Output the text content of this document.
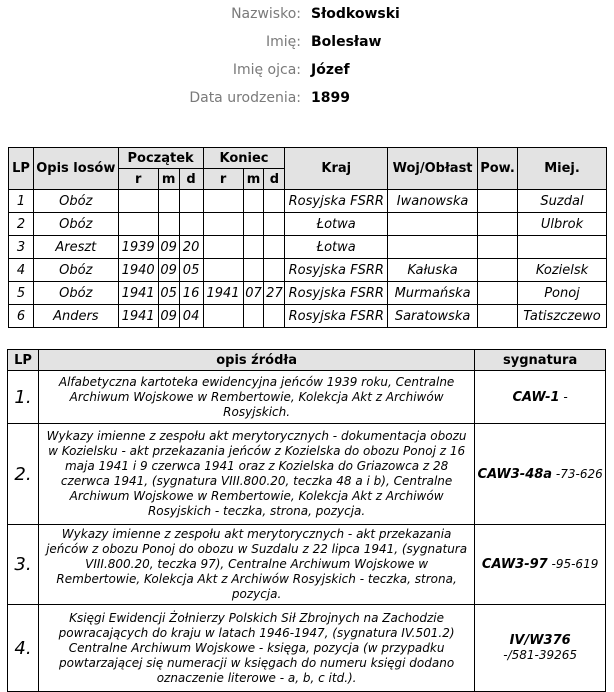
Nazwisko: Słodkowski
Imię: Bolesław
Imię ojca: Józef
Data urodzenia: 1899
LP	Opis losów	Początek			Koniec			Kraj	Woj/Obłast	Pow.	Miej.
		r	m	d	r	m	d				
1	Obóz							Rosyjska FSRR	Iwanowska		Suzdal
2	Obóz							Łotwa			Ulbrok
3	Areszt	1939	09	20				Łotwa			
4	Obóz	1940	09	05				Rosyjska FSRR	Kałuska		Kozielsk
5	Obóz	1941	05	16	1941	07	27	Rosyjska FSRR	Murmańska		Ponoj
6	Anders	1941	09	04				Rosyjska FSRR	Saratowska		Tatiszczewo
LP	opis źródła	sygnatura
1.	Alfabetyczna kartoteka ewidencyjna jeńców 1939 roku, Centralne Archiwum Wojskowe w Rembertowie, Kolekcja Akt z Archiwów Rosyjskich.	CAW-1 -
2.	Wykazy imienne z zespołu akt merytorycznych - dokumentacja obozu w Kozielsku - akt przekazania jeńców z Kozielska do obozu Ponoj z 16 maja 1941 i 9 czerwca 1941 oraz z Kozielska do Griazowca z 28 czerwca 1941, (sygnatura VIII.800.20, teczka 48 a i b), Centralne Archiwum Wojskowe w Rembertowie, Kolekcja Akt z Archiwów Rosyjskich - teczka, strona, pozycja.	CAW3-48a -73-626
3.	Wykazy imienne z zespołu akt merytorycznych - akt przekazania jeńców z obozu Ponoj do obozu w Suzdalu z 22 lipca 1941, (sygnatura VIII.800.20, teczka 97), Centralne Archiwum Wojskowe w Rembertowie, Kolekcja Akt z Archiwów Rosyjskich - teczka, strona, pozycja.	CAW3-97 -95-619
4.	Księgi Ewidencji Żołnierzy Polskich Sił Zbrojnych na Zachodzie powracających do kraju w latach 1946-1947, (sygnatura IV.501.2) Centralne Archiwum Wojskowe - księga, pozycja (w przypadku powtarzającej się numeracji w księgach do numeru księgi dodano oznaczenie literowe - a, b, c itd.).	IV/W376
-/581-39265
